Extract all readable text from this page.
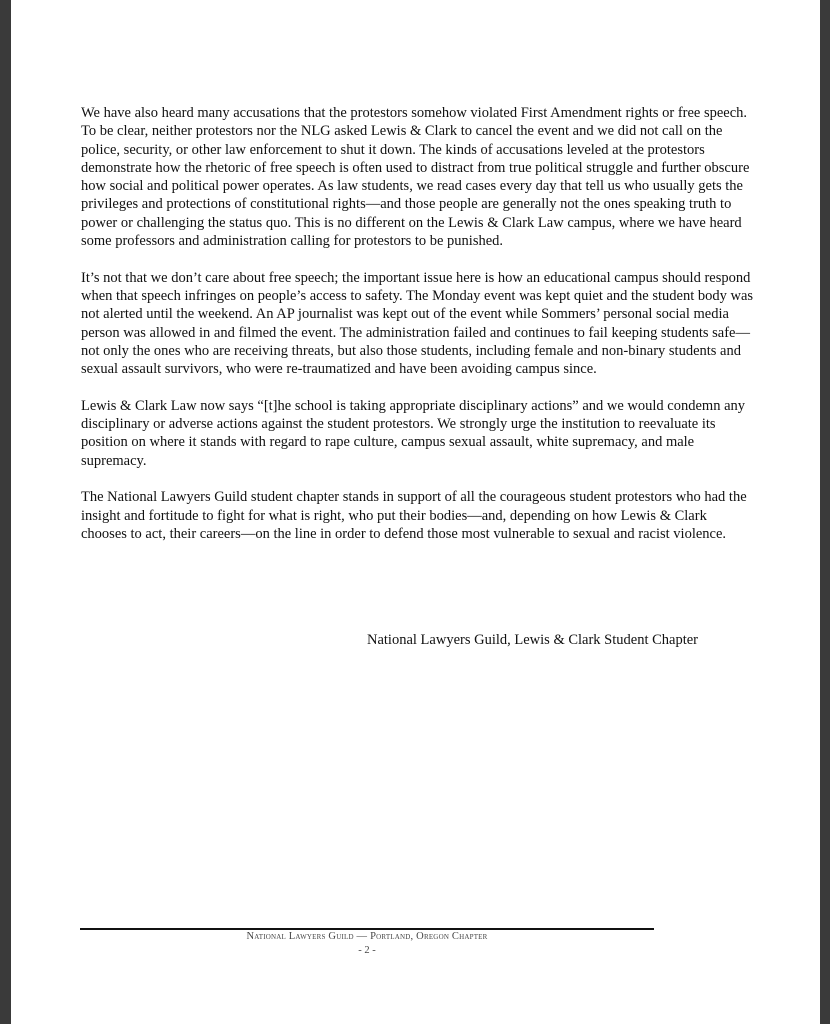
We have also heard many accusations that the protestors somehow violated First Amendment rights or free speech. To be clear, neither protestors nor the NLG asked Lewis & Clark to cancel the event and we did not call on the police, security, or other law enforcement to shut it down. The kinds of accusations leveled at the protestors demonstrate how the rhetoric of free speech is often used to distract from true political struggle and further obscure how social and political power operates. As law students, we read cases every day that tell us who usually gets the privileges and protections of constitutional rights—and those people are generally not the ones speaking truth to power or challenging the status quo. This is no different on the Lewis & Clark Law campus, where we have heard some professors and administration calling for protestors to be punished.

It’s not that we don’t care about free speech; the important issue here is how an educational campus should respond when that speech infringes on people’s access to safety. The Monday event was kept quiet and the student body was not alerted until the weekend. An AP journalist was kept out of the event while Sommers’ personal social media person was allowed in and filmed the event. The administration failed and continues to fail keeping students safe—not only the ones who are receiving threats, but also those students, including female and non-binary students and sexual assault survivors, who were re-traumatized and have been avoiding campus since.

Lewis & Clark Law now says “[t]he school is taking appropriate disciplinary actions” and we would condemn any disciplinary or adverse actions against the student protestors. We strongly urge the institution to reevaluate its position on where it stands with regard to rape culture, campus sexual assault, white supremacy, and male supremacy.

The National Lawyers Guild student chapter stands in support of all the courageous student protestors who had the insight and fortitude to fight for what is right, who put their bodies—and, depending on how Lewis & Clark chooses to act, their careers—on the line in order to defend those most vulnerable to sexual and racist violence.

National Lawyers Guild, Lewis & Clark Student Chapter
National Lawyers Guild — Portland, Oregon Chapter
- 2 -
